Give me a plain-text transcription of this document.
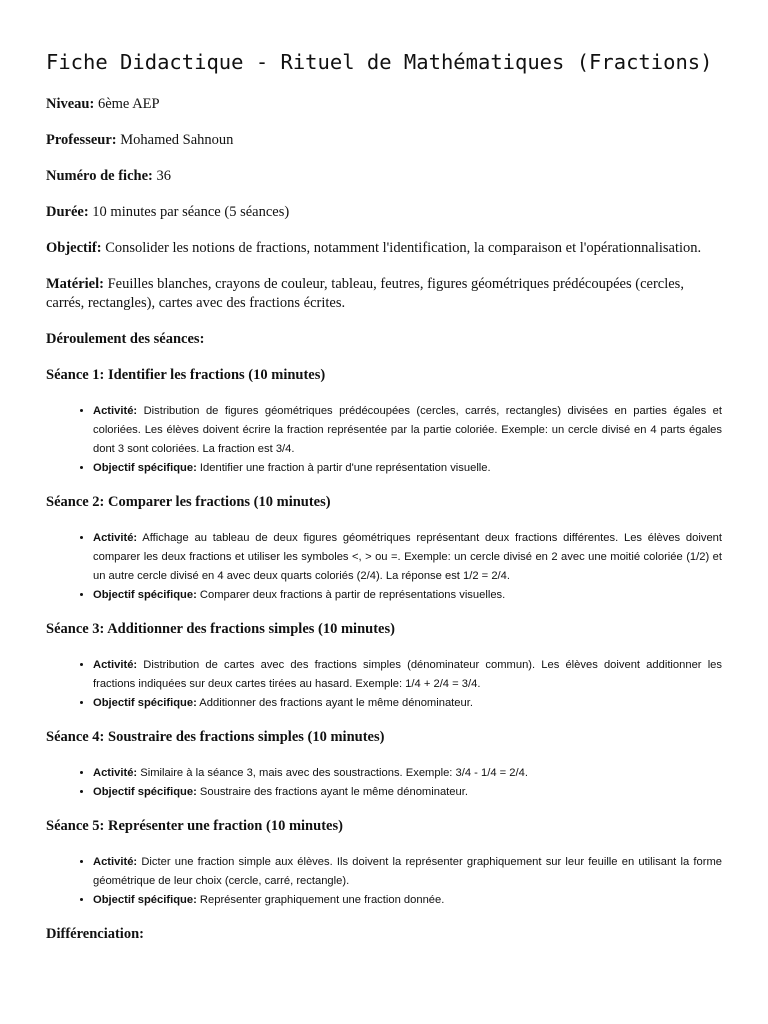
Fiche Didactique - Rituel de Mathématiques (Fractions)

Niveau: 6ème AEP

Professeur: Mohamed Sahnoun

Numéro de fiche: 36

Durée: 10 minutes par séance (5 séances)

Objectif: Consolider les notions de fractions, notamment l'identification, la comparaison et l'opérationnalisation.

Matériel: Feuilles blanches, crayons de couleur, tableau, feutres, figures géométriques prédécoupées (cercles, carrés, rectangles), cartes avec des fractions écrites.

Déroulement des séances:

Séance 1: Identifier les fractions (10 minutes)

• Activité: Distribution de figures géométriques prédécoupées (cercles, carrés, rectangles) divisées en parties égales et coloriées. Les élèves doivent écrire la fraction représentée par la partie coloriée. Exemple: un cercle divisé en 4 parts égales dont 3 sont coloriées. La fraction est 3/4.
• Objectif spécifique: Identifier une fraction à partir d'une représentation visuelle.

Séance 2: Comparer les fractions (10 minutes)

• Activité: Affichage au tableau de deux figures géométriques représentant deux fractions différentes. Les élèves doivent comparer les deux fractions et utiliser les symboles <, > ou =. Exemple: un cercle divisé en 2 avec une moitié coloriée (1/2) et un autre cercle divisé en 4 avec deux quarts coloriés (2/4). La réponse est 1/2 = 2/4.
• Objectif spécifique: Comparer deux fractions à partir de représentations visuelles.

Séance 3: Additionner des fractions simples (10 minutes)

• Activité: Distribution de cartes avec des fractions simples (dénominateur commun). Les élèves doivent additionner les fractions indiquées sur deux cartes tirées au hasard. Exemple: 1/4 + 2/4 = 3/4.
• Objectif spécifique: Additionner des fractions ayant le même dénominateur.

Séance 4: Soustraire des fractions simples (10 minutes)

• Activité: Similaire à la séance 3, mais avec des soustractions. Exemple: 3/4 - 1/4 = 2/4.
• Objectif spécifique: Soustraire des fractions ayant le même dénominateur.

Séance 5: Représenter une fraction (10 minutes)

• Activité: Dicter une fraction simple aux élèves. Ils doivent la représenter graphiquement sur leur feuille en utilisant la forme géométrique de leur choix (cercle, carré, rectangle).
• Objectif spécifique: Représenter graphiquement une fraction donnée.

Différenciation:
